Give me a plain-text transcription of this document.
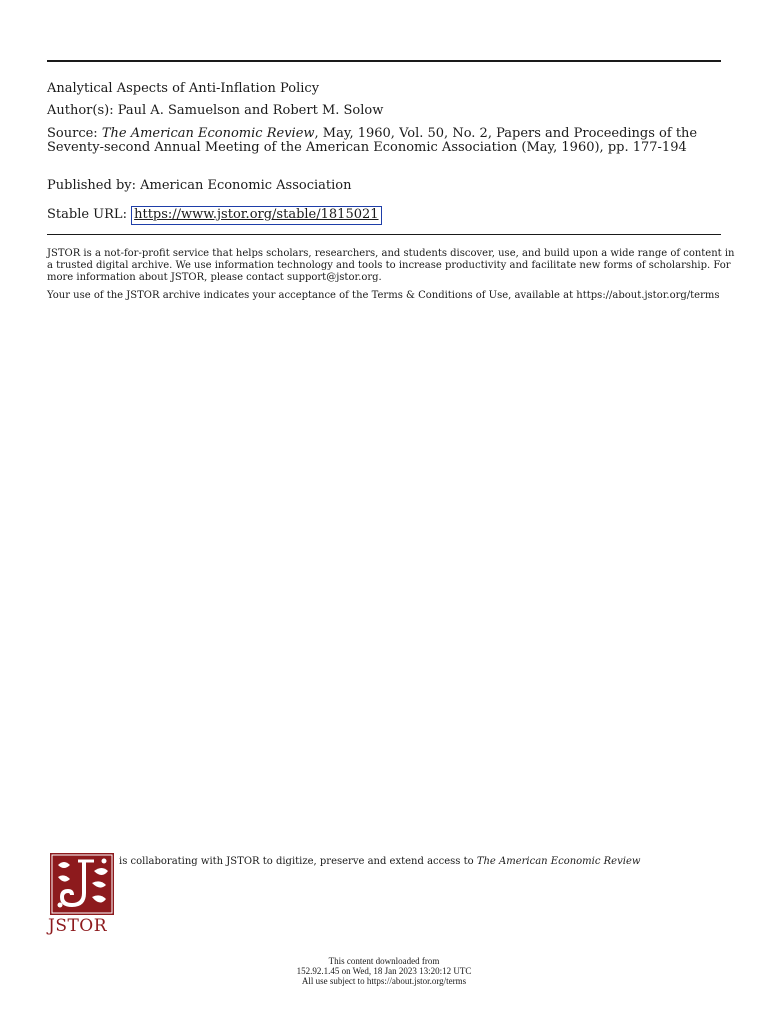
Analytical Aspects of Anti-Inflation Policy
Author(s): Paul A. Samuelson and Robert M. Solow
Source: The American Economic Review, May, 1960, Vol. 50, No. 2, Papers and Proceedings of the Seventy-second Annual Meeting of the American Economic Association (May, 1960), pp. 177-194
Published by: American Economic Association
Stable URL: https://www.jstor.org/stable/1815021
JSTOR is a not-for-profit service that helps scholars, researchers, and students discover, use, and build upon a wide range of content in a trusted digital archive. We use information technology and tools to increase productivity and facilitate new forms of scholarship. For more information about JSTOR, please contact support@jstor.org.
Your use of the JSTOR archive indicates your acceptance of the Terms & Conditions of Use, available at https://about.jstor.org/terms
JSTOR
is collaborating with JSTOR to digitize, preserve and extend access to The American Economic Review
This content downloaded from
152.92.1.45 on Wed, 18 Jan 2023 13:20:12 UTC
All use subject to https://about.jstor.org/terms
